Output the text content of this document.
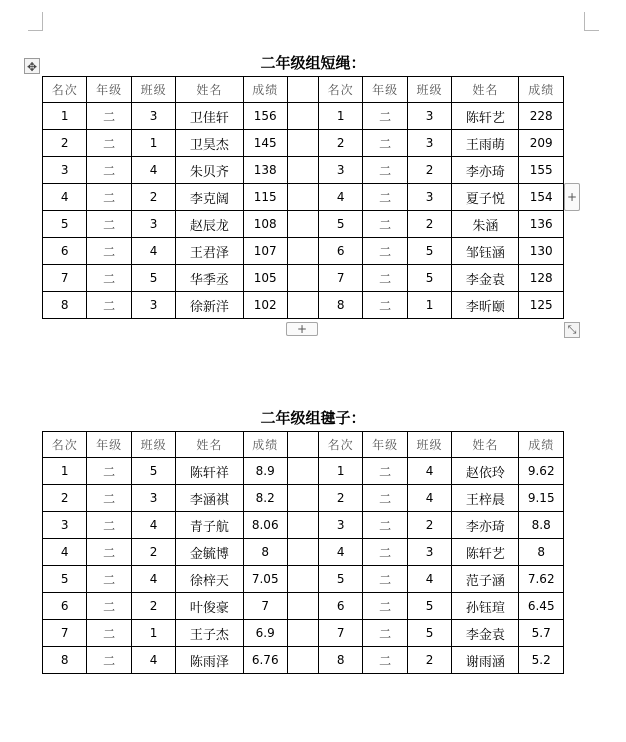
✥	二年级组短绳：
名次	年级	班级	姓名	成绩		名次	年级	班级	姓名	成绩
1	二	3	卫佳轩	156		1	二	3	陈轩艺	228
2	二	1	卫昊杰	145		2	二	3	王雨萌	209
3	二	4	朱贝齐	138		3	二	2	李亦琦	155
4	二	2	李克阔	115		4	二	3	夏子悦	154
5	二	3	赵辰龙	108		5	二	2	朱涵	136
6	二	4	王君泽	107		6	二	5	邹钰涵	130
7	二	5	华季丞	105		7	二	5	李金袁	128
8	二	3	徐新洋	102		8	二	1	李昕颐	125
+
+	⤡
二年级组毽子：
名次	年级	班级	姓名	成绩		名次	年级	班级	姓名	成绩
1	二	5	陈轩祥	8.9		1	二	4	赵依玲	9.62
2	二	3	李涵祺	8.2		2	二	4	王梓晨	9.15
3	二	4	青子航	8.06		3	二	2	李亦琦	8.8
4	二	2	金毓博	8		4	二	3	陈轩艺	8
5	二	4	徐梓天	7.05		5	二	4	范子涵	7.62
6	二	2	叶俊豪	7		6	二	5	孙钰瑄	6.45
7	二	1	王子杰	6.9		7	二	5	李金袁	5.7
8	二	4	陈雨泽	6.76		8	二	2	谢雨涵	5.2
